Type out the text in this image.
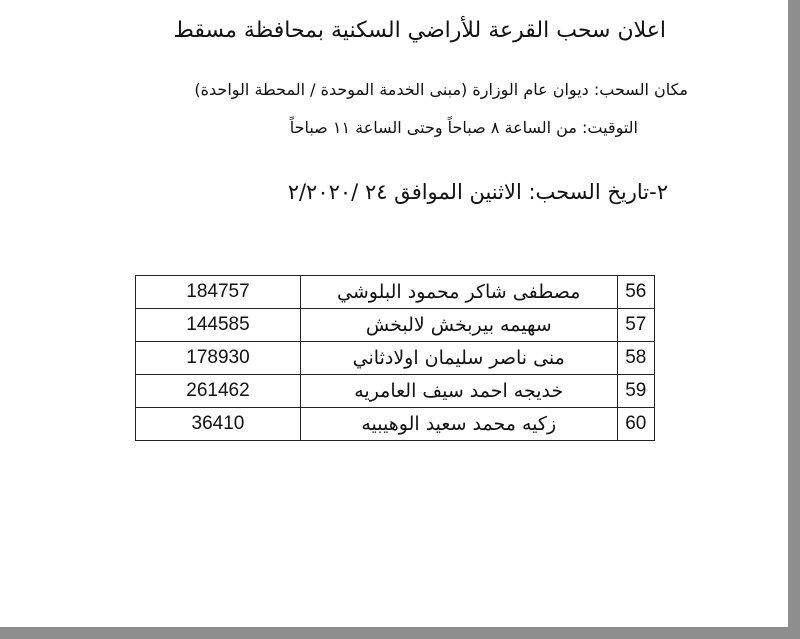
اعلان سحب القرعة للأراضي السكنية بمحافظة مسقط

مكان السحب: ديوان عام الوزارة (مبنى الخدمة الموحدة / المحطة الواحدة)

التوقيت: من الساعة ٨ صباحاً وحتى الساعة ١١ صباحاً

٢-تاريخ السحب: الاثنين الموافق ٢٤ /٢/٢٠٢٠

56	مصطفى شاكر محمود البلوشي	184757
57	سهيمه بيربخش لالبخش	144585
58	منى ناصر سليمان اولادثاني	178930
59	خديجه احمد سيف العامريه	261462
60	زكيه محمد سعيد الوهيبيه	36410
